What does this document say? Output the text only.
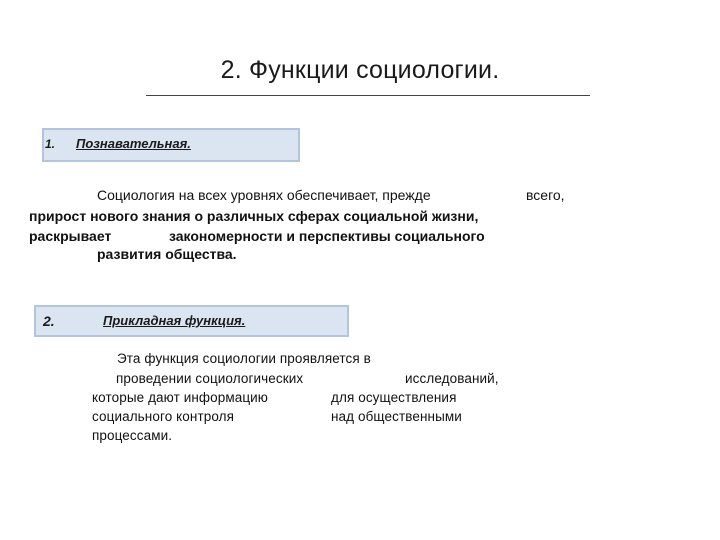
2. Функции социологии.
1. Познавательная.
Социология на всех уровнях обеспечивает, прежде	всего,
прирост нового знания о различных сферах социальной жизни,
раскрывает	закономерности и перспективы социального
развития общества.
2.	Прикладная функция.
Эта функция социологии проявляется в
проведении социологических	исследований,
которые дают информацию	для осуществления
социального контроля	над общественными
процессами.
